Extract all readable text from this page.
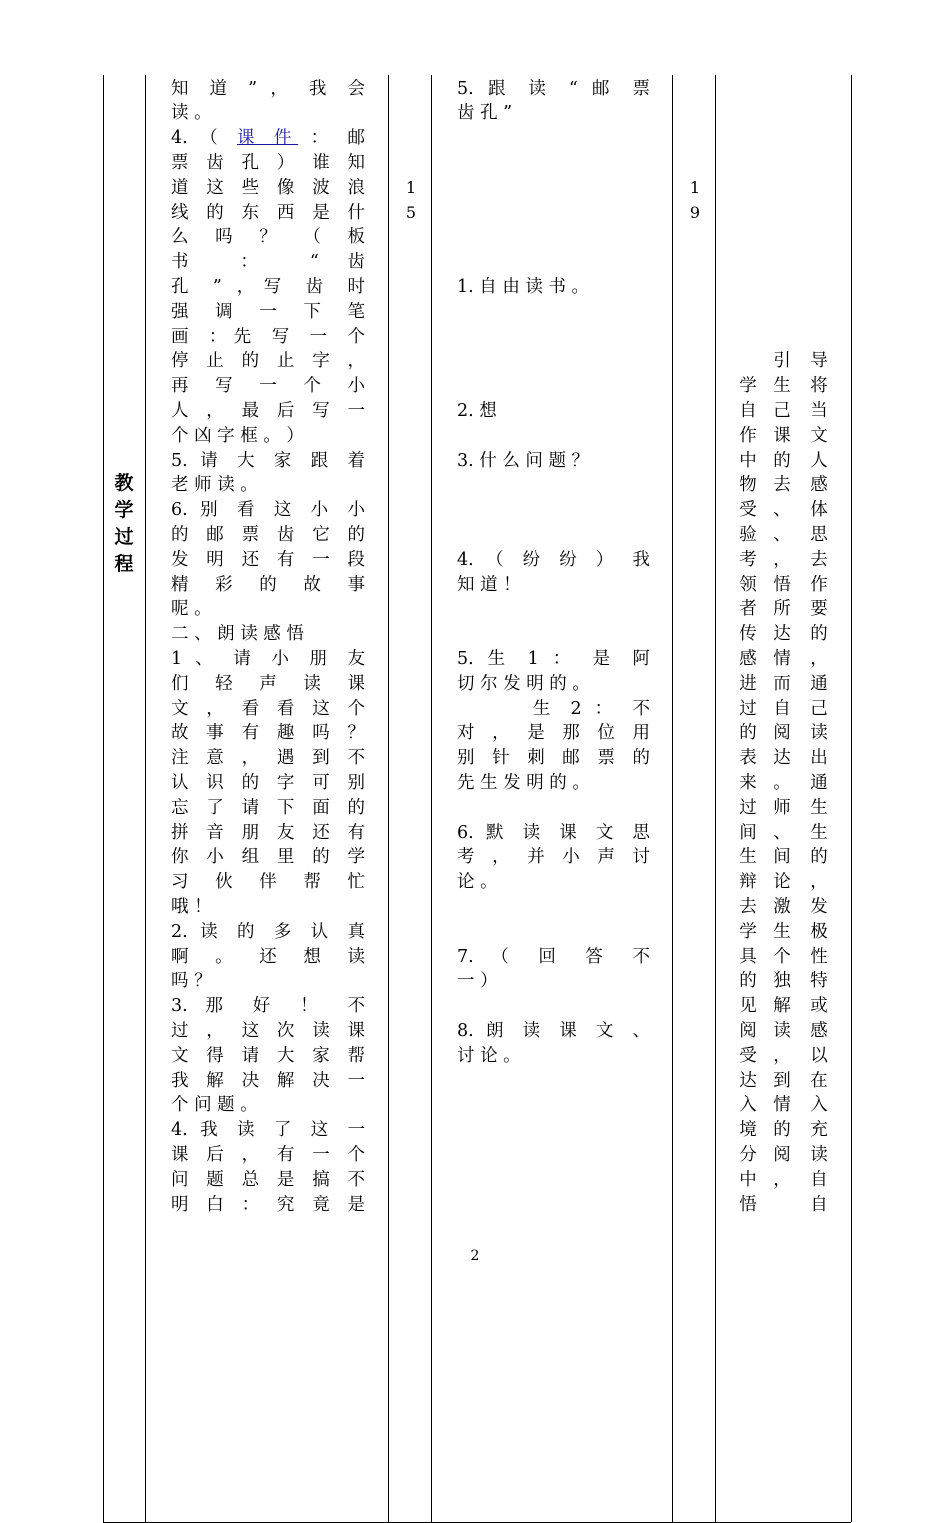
教
学
过
程
知 道 ” ， 我 会
读 。
4. （ 课 件 ： 邮
票 齿 孔 ） 谁 知
道 这 些 像 波 浪
线 的 东 西 是 什
么 吗 ？ （ 板
书 ： “ 齿
孔 ” ，写 齿 时
强 调 一 下 笔
画 ：先 写 一 个
停 止 的 止 字 ，
再 写 一 个 小
人 ， 最 后 写 一
个 凶 字 框 。 ）
5. 请 大 家 跟 着
老 师 读 。
6. 别 看 这 小 小
的 邮 票 齿 它 的
发 明 还 有 一 段
精 彩 的 故 事
呢 。
二 、 朗 读 感 悟
1 、 请 小 朋 友
们 轻 声 读 课
文 ， 看 看 这 个
故 事 有 趣 吗 ？
注 意 ， 遇 到 不
认 识 的 字 可 别
忘 了 请 下 面 的
拼 音 朋 友 还 有
你 小 组 里 的 学
习 伙 伴 帮 忙
哦 ！
2. 读 的 多 认 真
啊 。 还 想 读
吗 ？
3. 那 好 ！ 不
过 ， 这 次 读 课
文 得 请 大 家 帮
我 解 决 解 决 一
个 问 题 。
4. 我 读 了 这 一
课 后 ， 有 一 个
问 题 总 是 搞 不
明 白 ： 究 竟 是
1
5
5. 跟 读 “ 邮 票
齿 孔 ”
1. 自 由 读 书 。
2. 想
3. 什 么 问 题 ？
4. （ 纷 纷 ） 我
知 道 ！
5. 生 1 ： 是 阿
切 尔 发 明 的 。
　 　 生 2 ： 不
对 ， 是 那 位 用
别 针 刺 邮 票 的
先 生 发 明 的 。
6. 默 读 课 文 思
考 ， 并 小 声 讨
论 。
7. （ 回 答 不
一 ）
8. 朗 读 课 文 、
讨 论 。
1
9
学
自
作
中
物
受
验
考
领
者
传
感
进
过
的
表
来
过
间
生
辩
去
学
具
的
见
阅
受
达
入
境
分
中
悟
引
生
己
课
的
去
、
、
，
悟
所
达
情
而
自
阅
达
。
师
、
间
论
激
生
个
独
解
读
，
到
情
的
阅
，
导
将
当
文
人
感
体
思
去
作
要
的
，
通
己
读
出
通
生
生
的
，
发
极
性
特
或
感
以
在
入
充
读
自
自
2
